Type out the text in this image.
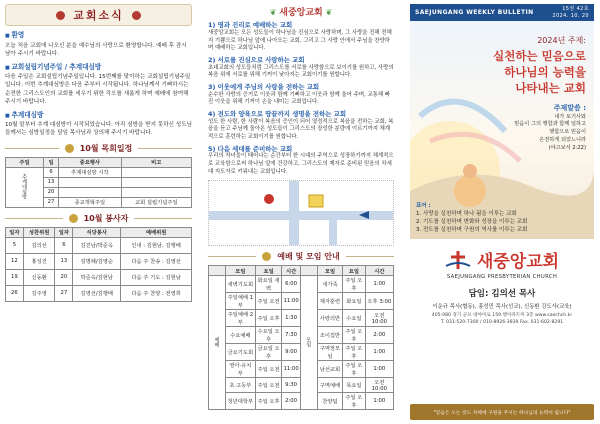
교회소식
■ 환영
오늘 처음 교회에 나오신 분을 예수님의 사랑으로 환영합니다. 예배 후 잠시 남아 주시기 바랍니다.
■ 교회설립기념주일 / 추계대심방
다음 주일은 교회설립기념주일입니다. 15번째를 맞이하는 교회설립기념주일입니다. 이번 추계대심방은 다음 주부터 시작됩니다. 하나님께서 기뻐하시는 순전한 그리스도인의 교회를 세우기 위한 각오를 새롭게 하며 예배에 참여해 주시기 바랍니다.
■ 추계대심방
10월 말부터 추계 대심방이 시작되었습니다. 아직 심방을 받지 못하신 성도님들께서는 심방일정을 담임 목사님과 상의해 주시기 바랍니다.
10월 목회일정
주일	일	중요행사	비고
추계대심방	6	추계대심방 시작	
	13		
	20		
	27	종교개혁주일	교회 설립기념주일
10월 봉사자
일자	성찬위원	일자	식당봉사	예배위원
5	김의선	6	김진남/박준옥	인내 : 김현남, 김행배
12	홍성진	13	김명례/김영순	다음 주 찬송 : 김영선
19	신동환	20	박준옥/김현남	다음 주 기도 : 김현남
26	김주영	27	김영선/김행배	다음 주 찬양 : 전영희
❦ 새중앙교회 ❦
1) 영과 진리로 예배하는 교회
새중앙교회는 모든 성도들이 하나님을 진심으로 사랑하며, 그 사랑을 진해 전해지 기쁨으로 하나님 앞에 나아오는 교회, 그리고 그 사랑 안에서 주님을 찬양하며 예배하는 교회입니다.
2) 서로를 진심으로 사랑하는 교회
초대교회의 성도들처럼 그리스도를 서로를 사랑함으로 보이기를 원하고, 사랑의 복음 위에 서로를 위해 기꺼이 낮아지는 교회이기를 원합니다.
3) 이웃에게 주님의 사랑을 전하는 교회
순수한 사랑의 증거로 이웃과 함께 기뻐하고 이웃과 함께 울어 주며, 교통해 빠진 이웃을 위해 기꺼이 손을 내미는 교회입니다.
4) 전도와 양육으로 땅끝까지 생명을 전하는 교회
성도 한 사람, 한 사람이 복음의 증인이 되어 열정적으로 복음을 전하는 교회, 복음을 듣고 주님께 돌아온 성도들이 그리스도의 장성한 분량에 이르기까지 체계적으로 훈련하는 교회이기를 원합니다.
5) 다음 세대를 준비하는 교회
우리의 자녀들이 태어나는 순간부터 한 시대의 주역으로 성장하기까지 체계적으로 교육함으로써 하나님 앞에 건강하고, 그리스도의 제자로 준비된 믿음의 차세대 지도자로 키워내는 교회입니다.
예배 및 모임 안내
	모임	요일	시간		모임	요일	시간
예배	새벽기도회	화요일 새벽	6:00	모임	새가족	주일 오후	1:00
	주일예배 1부	주일 오전	11:00		제자훈련	화요일	오후 3:00
	주일예배 2부	주일 오후	1:30		사랑의반	수요일	오전 10:00
	수요예배	수요일 오후	7:30		조이집반	주일 오후	2:00
	금요기도회	금요일 오후	9:00		구역장모임	주일 오후	1:00
	영아·유치부	주일 오전	11:00		남선교회	주일 오후	1:00
	초·고등부	주일 오전	9:30		구역예배	목요일	오전10:00
	청년대학부	주일 오후	2:00		찬양팀	주일 오후	1:00
SAEJUNGANG WEEKLY BULLETIN	15권 42호
2024. 10. 20
2024년 주제:
실천하는 믿음으로
하나님의 능력을
나타내는 교회
주제말씀 :
내가 토기사와
믿음이 그의 행함과 함께 일하고
행함으로 믿음이
온전하게 되었느니라
(야고보서 2:22)
표어 :
1. 사랑을 실천하며 하나 됨을 이루는 교회
2. 기도를 실천하며 변화와 성장을 이루는 교회
3. 전도를 실천하며 구원의 역사를 이루는 교회
새중앙교회
SAEJUNGANG PRESBYTERIAN CHURCH
담임: 김의선 목사
이운규 목사(협동), 홍성민 목사(선교), 신동환 강도사(교육)
405-080 경기 군포 대야미로 159 행아파트미 3층 www.saechch.kr
T. 031-520-7300 / 010-8926-3839 Fax. 031-602-8291
"믿음은 오는 것도 자체에 구원을 주시는 하나님의 능력이 됩니다"
